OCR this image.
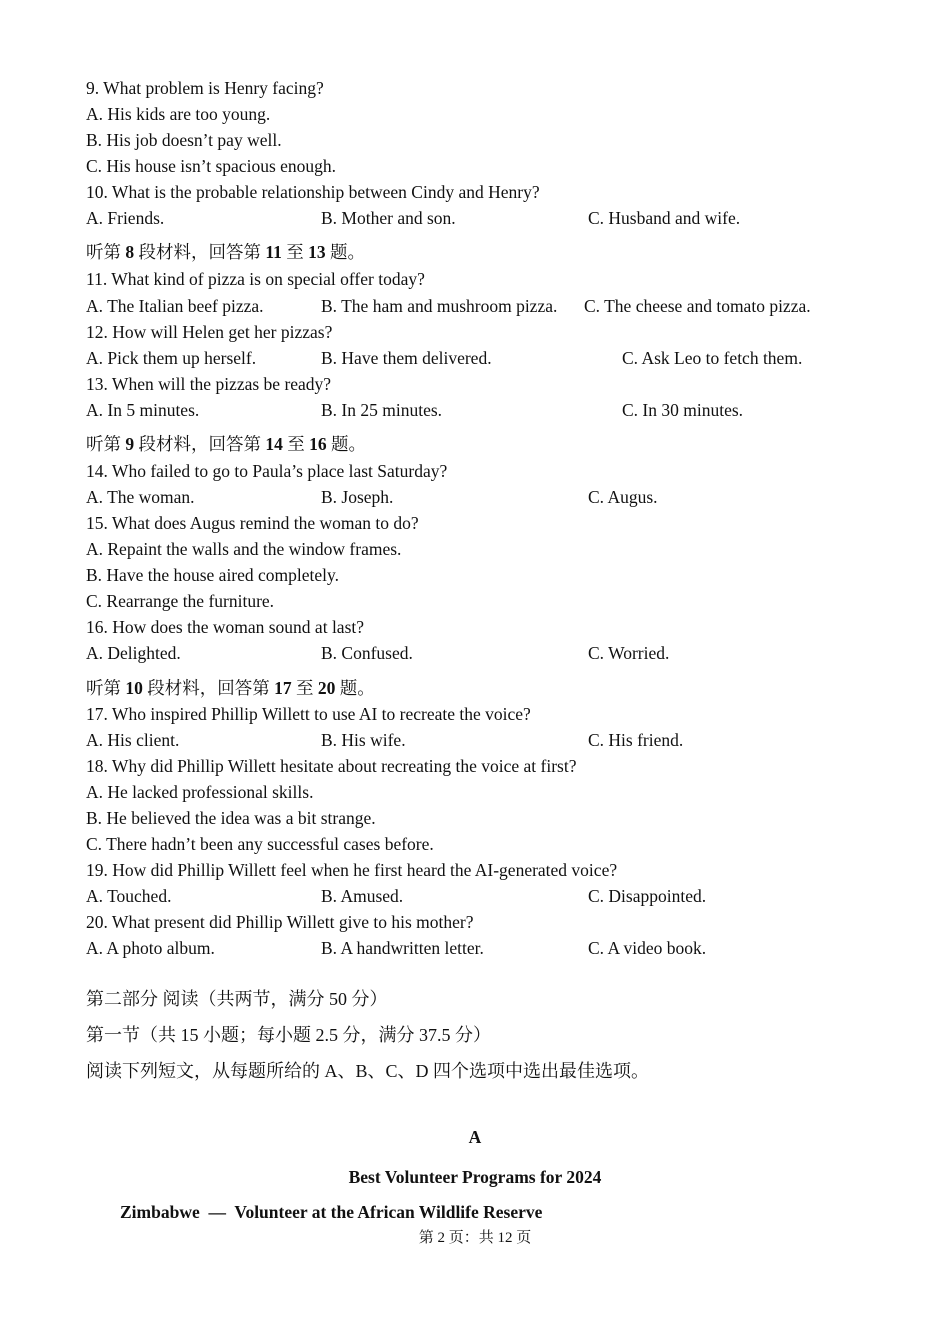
9. What problem is Henry facing?
A. His kids are too young.
B. His job doesn’t pay well.
C. His house isn’t spacious enough.
10. What is the probable relationship between Cindy and Henry?
A. Friends.	B. Mother and son.	C. Husband and wife.
听第 8 段材料，回答第 11 至 13 题。
11. What kind of pizza is on special offer today?
A. The Italian beef pizza.	B. The ham and mushroom pizza. C. The cheese and tomato pizza.
12. How will Helen get her pizzas?
A. Pick them up herself.	B. Have them delivered.	C. Ask Leo to fetch them.
13. When will the pizzas be ready?
A. In 5 minutes.	B. In 25 minutes.	C. In 30 minutes.
听第 9 段材料，回答第 14 至 16 题。
14. Who failed to go to Paula’s place last Saturday?
A. The woman.	B. Joseph.	C. Augus.
15. What does Augus remind the woman to do?
A. Repaint the walls and the window frames.
B. Have the house aired completely.
C. Rearrange the furniture.
16. How does the woman sound at last?
A. Delighted.	B. Confused.	C. Worried.
听第 10 段材料，回答第 17 至 20 题。
17. Who inspired Phillip Willett to use AI to recreate the voice?
A. His client.	B. His wife.	C. His friend.
18. Why did Phillip Willett hesitate about recreating the voice at first?
A. He lacked professional skills.
B. He believed the idea was a bit strange.
C. There hadn’t been any successful cases before.
19. How did Phillip Willett feel when he first heard the AI-generated voice?
A. Touched.	B. Amused.	C. Disappointed.
20. What present did Phillip Willett give to his mother?
A. A photo album.	B. A handwritten letter.	C. A video book.
第二部分 阅读（共两节，满分 50 分）
第一节（共 15 小题；每小题 2.5 分，满分 37.5 分）
阅读下列短文，从每题所给的 A、B、C、D 四个选项中选出最佳选项。
A
Best Volunteer Programs for 2024
Zimbabwe  —  Volunteer at the African Wildlife Reserve
第 2 页：共 12 页
